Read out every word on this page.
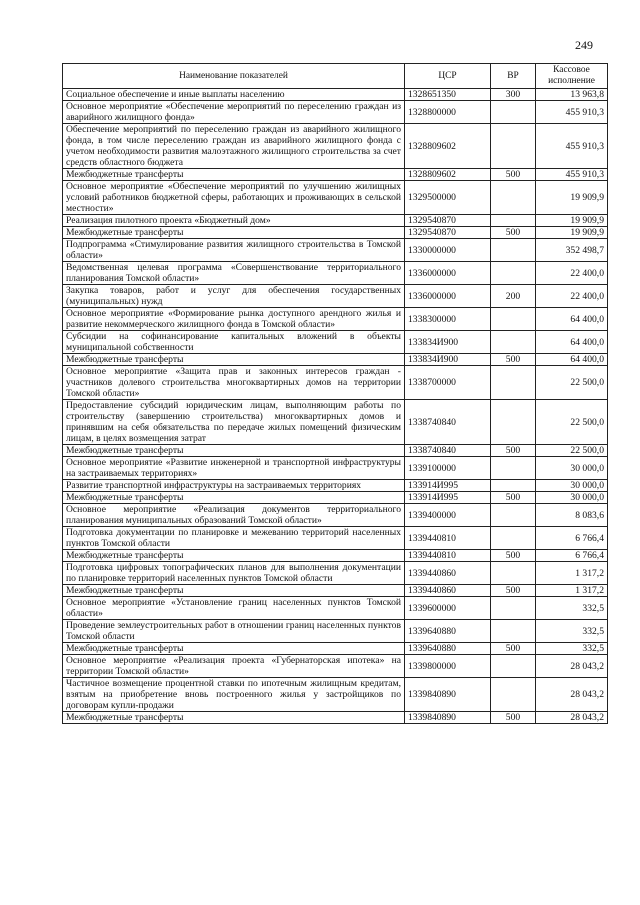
249
Наименование показателей	ЦСР	ВР	Кассовое исполнение
Социальное обеспечение и иные выплаты населению	1328651350	300	13 963,8
Основное мероприятие «Обеспечение мероприятий по переселению граждан из аварийного жилищного фонда»	1328800000		455 910,3
Обеспечение мероприятий по переселению граждан из аварийного жилищного фонда, в том числе переселению граждан из аварийного жилищного фонда с учетом необходимости развития малоэтажного жилищного строительства за счет средств областного бюджета	1328809602		455 910,3
Межбюджетные трансферты	1328809602	500	455 910,3
Основное мероприятие «Обеспечение мероприятий по улучшению жилищных условий работников бюджетной сферы, работающих и проживающих в сельской местности»	1329500000		19 909,9
Реализация пилотного проекта «Бюджетный дом»	1329540870		19 909,9
Межбюджетные трансферты	1329540870	500	19 909,9
Подпрограмма «Стимулирование развития жилищного строительства в Томской области»	1330000000		352 498,7
Ведомственная целевая программа «Совершенствование территориального планирования Томской области»	1336000000		22 400,0
Закупка товаров, работ и услуг для обеспечения государственных (муниципальных) нужд	1336000000	200	22 400,0
Основное мероприятие «Формирование рынка доступного арендного жилья и развитие некоммерческого жилищного фонда в Томской области»	1338300000		64 400,0
Субсидии на софинансирование капитальных вложений в объекты муниципальной собственности	133834И900		64 400,0
Межбюджетные трансферты	133834И900	500	64 400,0
Основное мероприятие «Защита прав и законных интересов граждан - участников долевого строительства многоквартирных домов на территории Томской области»	1338700000		22 500,0
Предоставление субсидий юридическим лицам, выполняющим работы по строительству (завершению строительства) многоквартирных домов и принявшим на себя обязательства по передаче жилых помещений физическим лицам, в целях возмещения затрат	1338740840		22 500,0
Межбюджетные трансферты	1338740840	500	22 500,0
Основное мероприятие «Развитие инженерной и транспортной инфраструктуры на застраиваемых территориях»	1339100000		30 000,0
Развитие транспортной инфраструктуры на застраиваемых территориях	133914И995		30 000,0
Межбюджетные трансферты	133914И995	500	30 000,0
Основное мероприятие «Реализация документов территориального планирования муниципальных образований Томской области»	1339400000		8 083,6
Подготовка документации по планировке и межеванию территорий населенных пунктов Томской области	1339440810		6 766,4
Межбюджетные трансферты	1339440810	500	6 766,4
Подготовка цифровых топографических планов для выполнения документации по планировке территорий населенных пунктов Томской области	1339440860		1 317,2
Межбюджетные трансферты	1339440860	500	1 317,2
Основное мероприятие «Установление границ населенных пунктов Томской области»	1339600000		332,5
Проведение землеустроительных работ в отношении границ населенных пунктов Томской области	1339640880		332,5
Межбюджетные трансферты	1339640880	500	332,5
Основное мероприятие «Реализация проекта «Губернаторская ипотека» на территории Томской области»	1339800000		28 043,2
Частичное возмещение процентной ставки по ипотечным жилищным кредитам, взятым на приобретение вновь построенного жилья у застройщиков по договорам купли-продажи	1339840890		28 043,2
Межбюджетные трансферты	1339840890	500	28 043,2
